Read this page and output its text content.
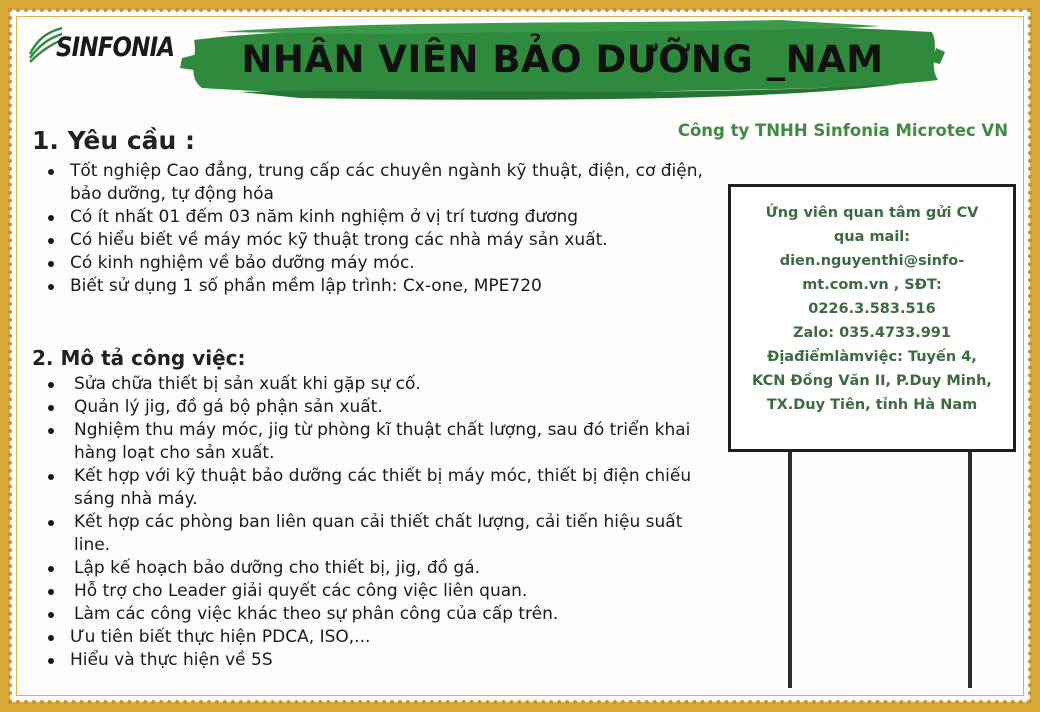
SINFONIA	NHÂN VIÊN BẢO DƯỠNG _NAM
Công ty TNHH Sinfonia Microtec VN
1. Yêu cầu :
Tốt nghiệp Cao đẳng, trung cấp các chuyên ngành kỹ thuật, điện, cơ điện, bảo dưỡng, tự động hóa
Có ít nhất 01 đếm 03 năm kinh nghiệm ở vị trí tương đương
Có hiểu biết về máy móc kỹ thuật trong các nhà máy sản xuất.
Có kinh nghiệm về bảo dưỡng máy móc.
Biết sử dụng 1 số phần mềm lập trình: Cx-one, MPE720
2. Mô tả công việc:
Sửa chữa thiết bị sản xuất khi gặp sự cố.
Quản lý jig, đồ gá bộ phận sản xuất.
Nghiệm thu máy móc, jig từ phòng kĩ thuật chất lượng, sau đó triển khai hàng loạt cho sản xuất.
Kết hợp với kỹ thuật bảo dưỡng các thiết bị máy móc, thiết bị điện chiếu sáng nhà máy.
Kết hợp các phòng ban liên quan cải thiết chất lượng, cải tiến hiệu suất line.
Lập kế hoạch bảo dưỡng cho thiết bị, jig, đồ gá.
Hỗ trợ cho Leader giải quyết các công việc liên quan.
Làm các công việc khác theo sự phân công của cấp trên.
Ưu tiên biết thực hiện PDCA, ISO,...
Hiểu và thực hiện về 5S
Ứng viên quan tâm gửi CV
qua mail:
dien.nguyenthi@sinfo-
mt.com.vn , SĐT:
0226.3.583.516
Zalo: 035.4733.991
Địađiểmlàmviệc: Tuyến 4,
KCN Đồng Văn II, P.Duy Minh,
TX.Duy Tiên, tỉnh Hà Nam
